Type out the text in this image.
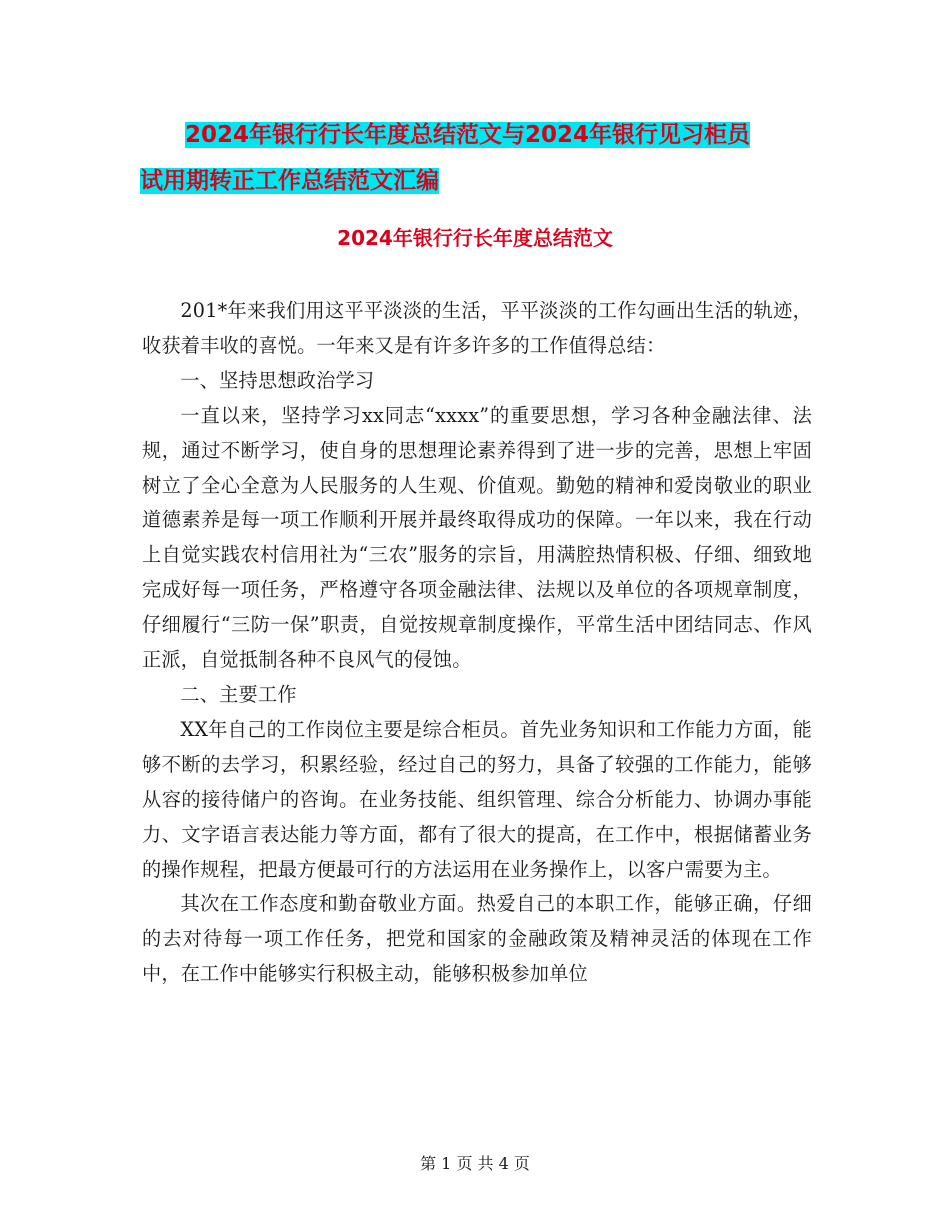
2024年银行行长年度总结范文与2024年银行见习柜员
试用期转正工作总结范文汇编
2024年银行行长年度总结范文

201*年来我们用这平平淡淡的生活，平平淡淡的工作勾画出生活的轨迹，收获着丰收的喜悦。一年来又是有许多许多的工作值得总结：

一、坚持思想政治学习

一直以来，坚持学习xx同志“xxxx”的重要思想，学习各种金融法律、法规，通过不断学习，使自身的思想理论素养得到了进一步的完善，思想上牢固树立了全心全意为人民服务的人生观、价值观。勤勉的精神和爱岗敬业的职业道德素养是每一项工作顺利开展并最终取得成功的保障。一年以来，我在行动上自觉实践农村信用社为“三农”服务的宗旨，用满腔热情积极、仔细、细致地完成好每一项任务，严格遵守各项金融法律、法规以及单位的各项规章制度，仔细履行“三防一保”职责，自觉按规章制度操作，平常生活中团结同志、作风正派，自觉抵制各种不良风气的侵蚀。

二、主要工作

XX年自己的工作岗位主要是综合柜员。首先业务知识和工作能力方面，能够不断的去学习，积累经验，经过自己的努力，具备了较强的工作能力，能够从容的接待储户的咨询。在业务技能、组织管理、综合分析能力、协调办事能力、文字语言表达能力等方面，都有了很大的提高，在工作中，根据储蓄业务的操作规程，把最方便最可行的方法运用在业务操作上，以客户需要为主。

其次在工作态度和勤奋敬业方面。热爱自己的本职工作，能够正确，仔细的去对待每一项工作任务，把党和国家的金融政策及精神灵活的体现在工作中，在工作中能够实行积极主动，能够积极参加单位

第 1 页 共 4 页
